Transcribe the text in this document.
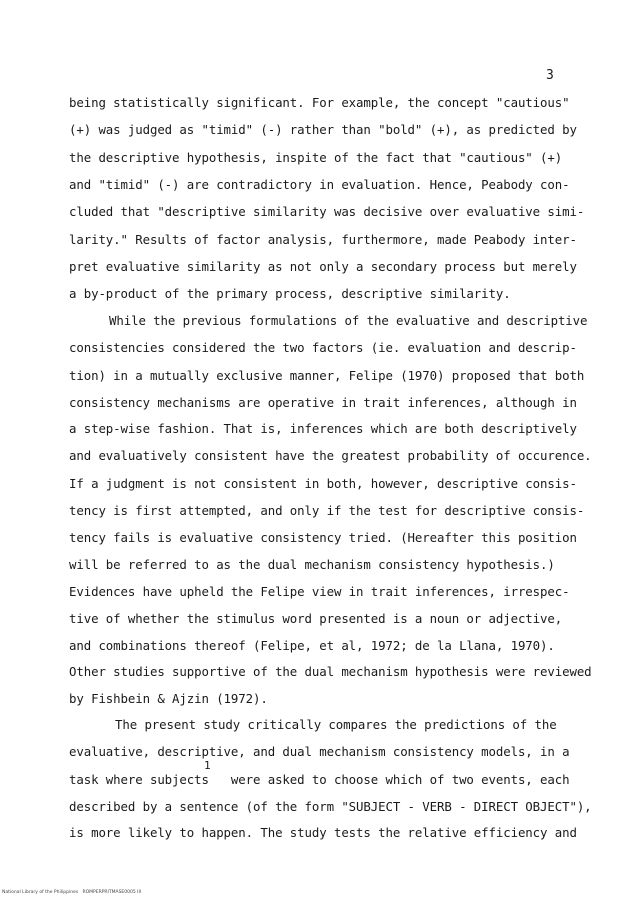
3
being statistically significant. For example, the concept "cautious"
(+) was judged as "timid" (-) rather than "bold" (+), as predicted by
the descriptive hypothesis, inspite of the fact that "cautious" (+)
and "timid" (-) are contradictory in evaluation. Hence, Peabody con-
cluded that "descriptive similarity was decisive over evaluative simi-
larity." Results of factor analysis, furthermore, made Peabody inter-
pret evaluative similarity as not only a secondary process but merely
a by-product of the primary process, descriptive similarity.
While the previous formulations of the evaluative and descriptive
consistencies considered the two factors (ie. evaluation and descrip-
tion) in a mutually exclusive manner, Felipe (1970) proposed that both
consistency mechanisms are operative in trait inferences, although in
a step-wise fashion. That is, inferences which are both descriptively
and evaluatively consistent have the greatest probability of occurence.
If a judgment is not consistent in both, however, descriptive consis-
tency is first attempted, and only if the test for descriptive consis-
tency fails is evaluative consistency tried. (Hereafter this position
will be referred to as the dual mechanism consistency hypothesis.)
Evidences have upheld the Felipe view in trait inferences, irrespec-
tive of whether the stimulus word presented is a noun or adjective,
and combinations thereof (Felipe, et al, 1972; de la Llana, 1970).
Other studies supportive of the dual mechanism hypothesis were reviewed
by Fishbein & Ajzin (1972).
The present study critically compares the predictions of the
evaluative, descriptive, and dual mechanism consistency models, in a
1
task where subjects   were asked to choose which of two events, each
described by a sentence (of the form "SUBJECT - VERB - DIRECT OBJECT"),
is more likely to happen. The study tests the relative efficiency and
National Library of the Philippines   ROMPERPRITMASE0005 III
